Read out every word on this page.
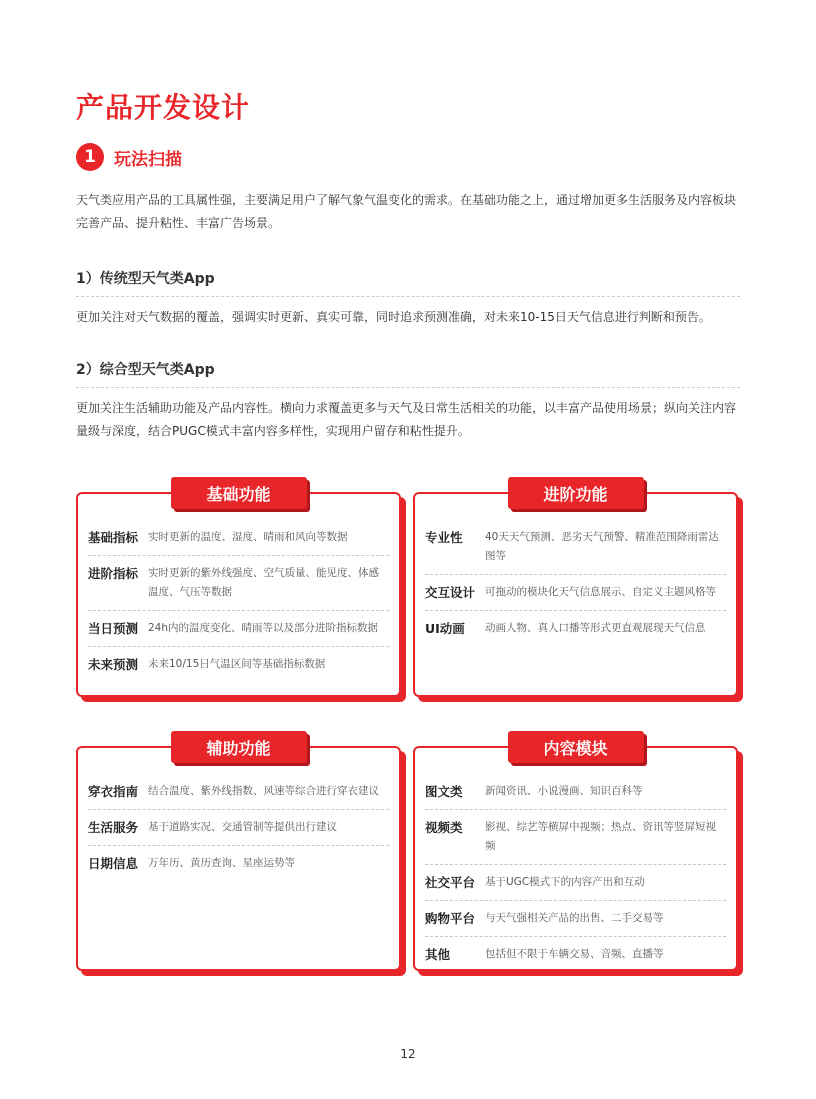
产品开发设计
1	玩法扫描

天气类应用产品的工具属性强，主要满足用户了解气象气温变化的需求。在基础功能之上，通过增加更多生活服务及内容板块完善产品、提升粘性、丰富广告场景。

1）传统型天气类App

更加关注对天气数据的覆盖，强调实时更新、真实可靠，同时追求预测准确，对未来10-15日天气信息进行判断和预告。

2）综合型天气类App

更加关注生活辅助功能及产品内容性。横向力求覆盖更多与天气及日常生活相关的功能，以丰富产品使用场景；纵向关注内容量级与深度，结合PUGC模式丰富内容多样性，实现用户留存和粘性提升。

基础功能
基础指标 实时更新的温度、湿度、晴雨和风向等数据
进阶指标 实时更新的紫外线强度、空气质量、能见度、体感温度、气压等数据
当日预测 24h内的温度变化、晴雨等以及部分进阶指标数据
未来预测 未来10/15日气温区间等基础指标数据
进阶功能
专业性	40天天气预测、恶劣天气预警、精准范围降雨雷达图等
交互设计 可拖动的模块化天气信息展示、自定义主题风格等
UI动画	动画人物、真人口播等形式更直观展现天气信息
辅助功能
穿衣指南 结合温度、紫外线指数、风速等综合进行穿衣建议
生活服务 基于道路实况、交通管制等提供出行建议
日期信息 万年历、黄历查询、星座运势等
内容模块
图文类	新闻资讯、小说漫画、知识百科等
视频类	影视、综艺等横屏中视频；热点、资讯等竖屏短视频
社交平台 基于UGC模式下的内容产出和互动
购物平台 与天气强相关产品的出售、二手交易等
其他	包括但不限于车辆交易、音频、直播等
12
